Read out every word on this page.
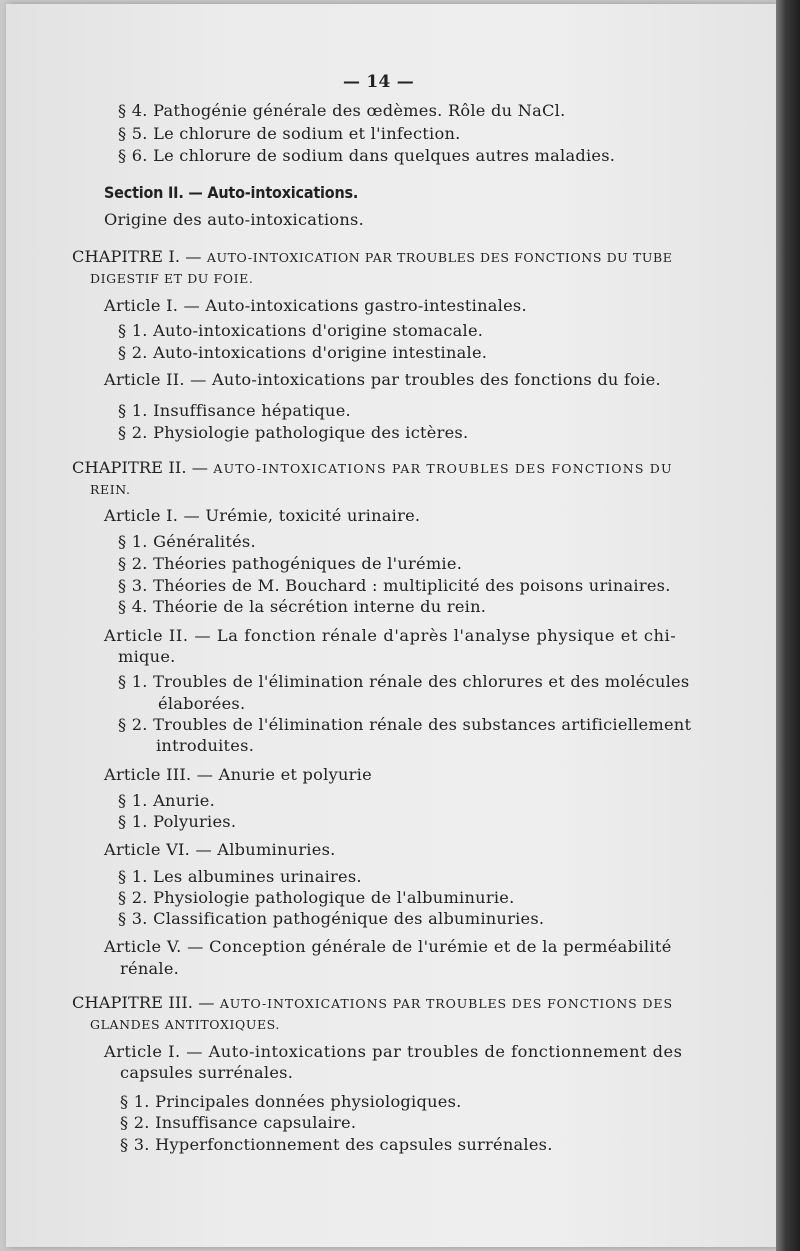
— 14 —
§ 4. Pathogénie générale des œdèmes. Rôle du NaCl.
§ 5. Le chlorure de sodium et l'infection.
§ 6. Le chlorure de sodium dans quelques autres maladies.
Section II. — Auto-intoxications.
Origine des auto-intoxications.
CHAPITRE I. — AUTO-INTOXICATION PAR TROUBLES DES FONCTIONS DU TUBE
DIGESTIF ET DU FOIE.
Article I. — Auto-intoxications gastro-intestinales.
§ 1. Auto-intoxications d'origine stomacale.
§ 2. Auto-intoxications d'origine intestinale.
Article II. — Auto-intoxications par troubles des fonctions du foie.
§ 1. Insuffisance hépatique.
§ 2. Physiologie pathologique des ictères.
CHAPITRE II. — AUTO-INTOXICATIONS PAR TROUBLES DES FONCTIONS DU
REIN.
Article I. — Urémie, toxicité urinaire.
§ 1. Généralités.
§ 2. Théories pathogéniques de l'urémie.
§ 3. Théories de M. Bouchard : multiplicité des poisons urinaires.
§ 4. Théorie de la sécrétion interne du rein.
Article II. — La fonction rénale d'après l'analyse physique et chi-
mique.
§ 1. Troubles de l'élimination rénale des chlorures et des molécules
élaborées.
§ 2. Troubles de l'élimination rénale des substances artificiellement
introduites.
Article III. — Anurie et polyurie
§ 1. Anurie.
§ 1. Polyuries.
Article VI. — Albuminuries.
§ 1. Les albumines urinaires.
§ 2. Physiologie pathologique de l'albuminurie.
§ 3. Classification pathogénique des albuminuries.
Article V. — Conception générale de l'urémie et de la perméabilité
rénale.
CHAPITRE III. — AUTO-INTOXICATIONS PAR TROUBLES DES FONCTIONS DES
GLANDES ANTITOXIQUES.
Article I. — Auto-intoxications par troubles de fonctionnement des
capsules surrénales.
§ 1. Principales données physiologiques.
§ 2. Insuffisance capsulaire.
§ 3. Hyperfonctionnement des capsules surrénales.
